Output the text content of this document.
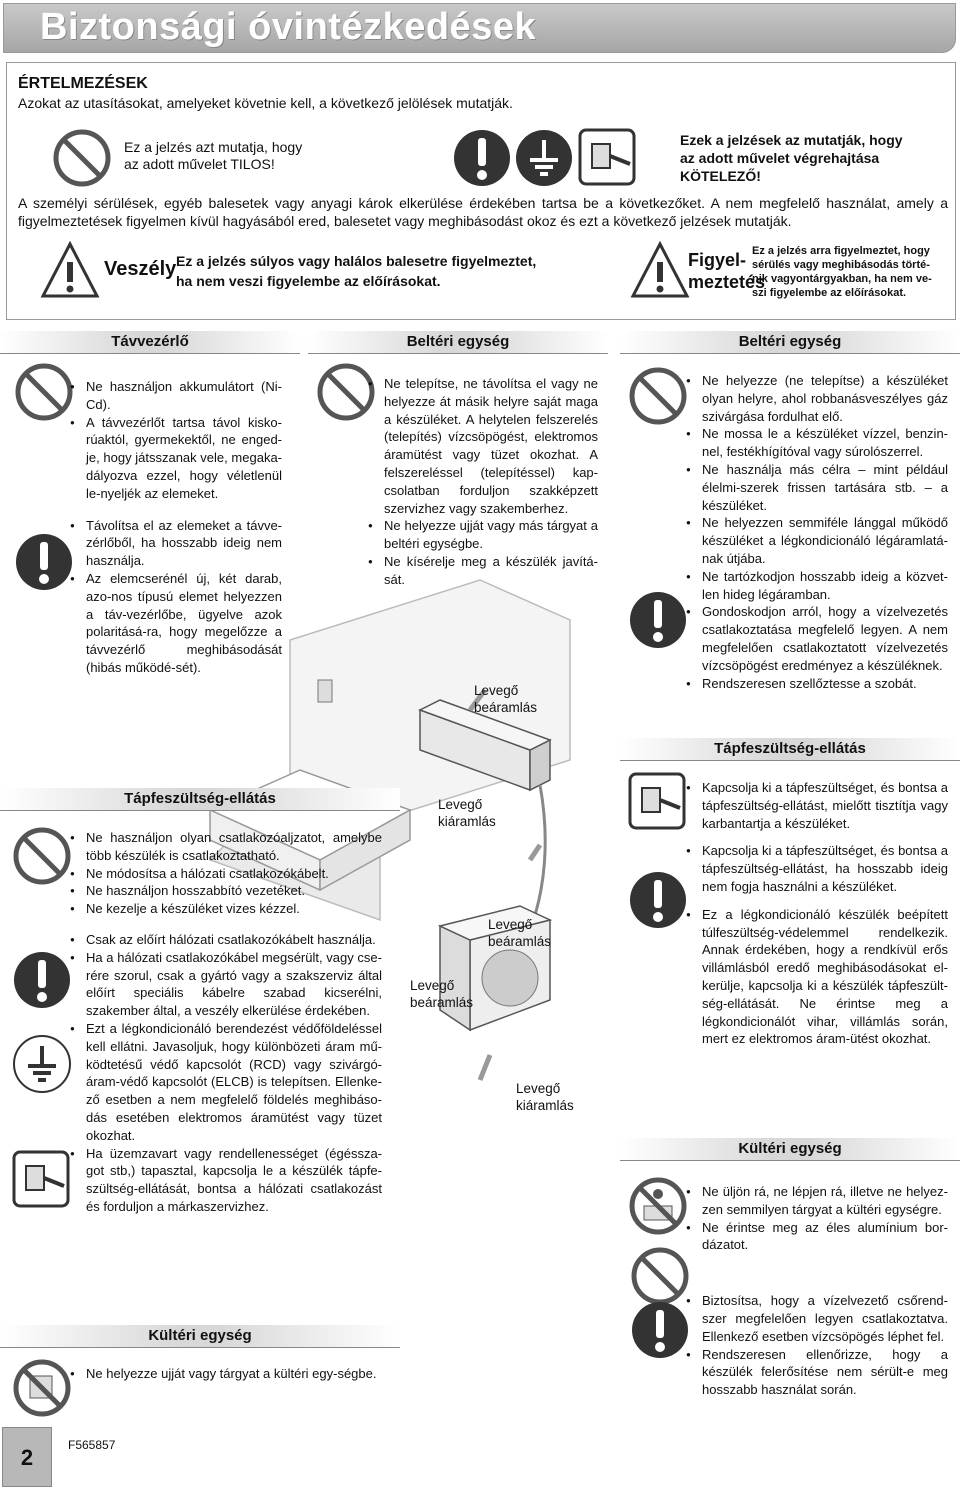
Biztonsági óvintézkedések
ÉRTELMEZÉSEK
Azokat az utasításokat, amelyeket követnie kell, a következő jelölések mutatják.
Ez a jelzés azt mutatja, hogy
az adott művelet TILOS!
Ezek a jelzések az mutatják, hogy
az adott művelet végrehajtása
KÖTELEZŐ!
A személyi sérülések, egyéb balesetek vagy anyagi károk elkerülése érdekében tartsa be a következőket. A nem megfelelő használat, amely a figyelmeztetések figyelmen kívül hagyásából ered, balesetet vagy meghibásodást okoz és ezt a következő jelzések mutatják.
Veszély Ez a jelzés súlyos vagy halálos balesetre figyelmeztet,
ha nem veszi figyelembe az előírásokat.
Figyel-
meztetés
Ez a jelzés arra figyelmeztet, hogy sérülés vagy meghibásodás törté-nik vagyontárgyakban, ha nem ve-szi figyelembe az előírásokat.
Távvezérlő	Beltéri egység	Beltéri egység
● Ne használjon akkumulátort (Ni-Cd).
● A távvezérlőt tartsa távol kisko-rúaktól, gyermekektől, ne enged-je, hogy játsszanak vele, megaka-dályozva ezzel, hogy véletlenül le-nyeljék az elemeket.
● Távolítsa el az elemeket a távve-zérlőből, ha hosszabb ideig nem használja.
● Az elemcserénél új, két darab, azo-nos típusú elemet helyezzen a táv-vezérlőbe, ügyelve azok polaritásá-ra, hogy megelőzze a távvezérlő meghibásodását (hibás működé-sét).
● Ne telepítse, ne távolítsa el vagy ne helyezze át másik helyre saját maga a készüléket. A helytelen felszerelés (telepítés) vízcsöpögést, elektromos áramütést vagy tüzet okozhat. A felszereléssel (telepítéssel) kap-csolatban forduljon szakképzett szervizhez vagy szakemberhez.
● Ne helyezze ujját vagy más tárgyat a beltéri egységbe.
● Ne kísérelje meg a készülék javítá-sát.
● Ne helyezze (ne telepítse) a készüléket olyan helyre, ahol robbanásveszélyes gáz szivárgása fordulhat elő.
● Ne mossa le a készüléket vízzel, benzin-nel, festékhígítóval vagy súrolószerrel.
● Ne használja más célra – mint például élelmi-szerek frissen tartására stb. – a készüléket.
● Ne helyezzen semmiféle lánggal működő készüléket a légkondicionáló légáramlatá-nak útjába.
● Ne tartózkodjon hosszabb ideig a közvet-len hideg légáramban.
● Gondoskodjon arról, hogy a vízelvezetés csatlakoztatása megfelelő legyen. A nem megfelelően csatlakoztatott vízelvezetés vízcsöpögést eredményez a készüléknek.
● Rendszeresen szellőztesse a szobát.
Levegő
beáramlás
Levegő
kiáramlás
Levegő
beáramlás
Levegő
beáramlás
Levegő
kiáramlás
Tápfeszültség-ellátás
● Ne használjon olyan csatlakozóaljzatot, amelybe több készülék is csatlakoztatható.
● Ne módosítsa a hálózati csatlakozókábelt.
● Ne használjon hosszabbító vezetéket.
● Ne kezelje a készüléket vizes kézzel.
● Csak az előírt hálózati csatlakozókábelt használja.
● Ha a hálózati csatlakozókábel megsérült, vagy cse-rére szorul, csak a gyártó vagy a szakszerviz által előírt speciális kábelre szabad kicserélni, szakember által, a veszély elkerülése érdekében.
● Ezt a légkondicionáló berendezést védőföldeléssel kell ellátni. Javasoljuk, hogy különbözeti áram mű-ködtetésű védő kapcsolót (RCD) vagy szivárgó-áram-védő kapcsolót (ELCB) is telepítsen. Ellenke-ző esetben a nem megfelelő földelés meghibáso-dás esetében elektromos áramütést vagy tüzet okozhat.
● Ha üzemzavart vagy rendellenességet (égéssza-got stb,) tapasztal, kapcsolja le a készülék tápfe-szültség-ellátását, bontsa a hálózati csatlakozást és forduljon a márkaszervizhez.
Kültéri egység
● Ne helyezze ujját vagy tárgyat a kültéri egy-ségbe.
Tápfeszültség-ellátás
● Kapcsolja ki a tápfeszültséget, és bontsa a tápfeszültség-ellátást, mielőtt tisztítja vagy karbantartja a készüléket.
● Kapcsolja ki a tápfeszültséget, és bontsa a tápfeszültség-ellátást, ha hosszabb ideig nem fogja használni a készüléket.
● Ez a légkondicionáló készülék beépített túlfeszültség-védelemmel rendelkezik. Annak érdekében, hogy a rendkívül erős villámlásból eredő meghibásodásokat el-kerülje, kapcsolja ki a készülék tápfeszült-ség-ellátását. Ne érintse meg a légkondicionálót vihar, villámlás során, mert ez elektromos áram-ütést okozhat.
Kültéri egység
● Ne üljön rá, ne lépjen rá, illetve ne helyez-zen semmilyen tárgyat a kültéri egységre.
● Ne érintse meg az éles alumínium bor-dázatot.
● Biztosítsa, hogy a vízelvezető csőrend-szer megfelelően legyen csatlakoztatva. Ellenkező esetben vízcsöpögés léphet fel.
● Rendszeresen ellenőrizze, hogy a készülék felerősítése nem sérült-e meg hosszabb használat során.
2	F565857
